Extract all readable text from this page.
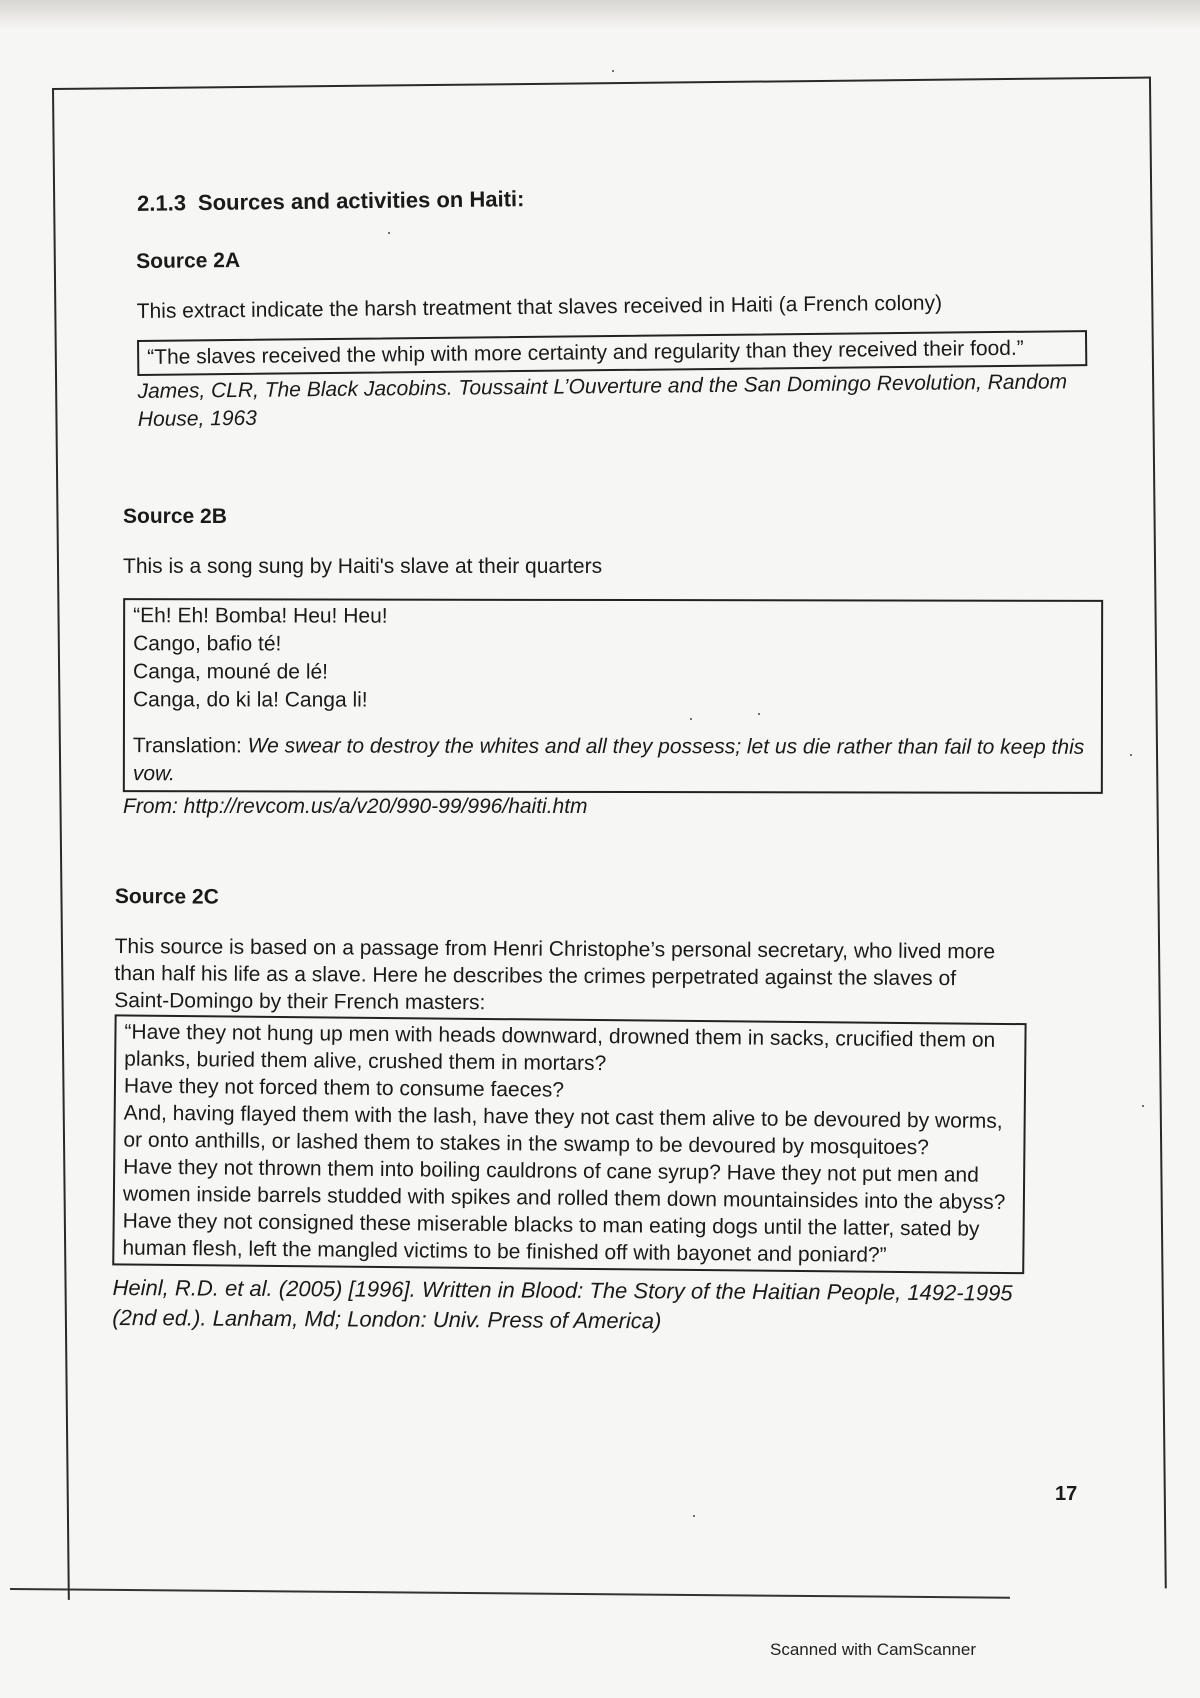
2.1.3 Sources and activities on Haiti:
Source 2A

This extract indicate the harsh treatment that slaves received in Haiti (a French colony)

“The slaves received the whip with more certainty and regularity than they received their food.”

James, CLR, The Black Jacobins. Toussaint L’Ouverture and the San Domingo Revolution, Random House, 1963

Source 2B

This is a song sung by Haiti's slave at their quarters

“Eh! Eh! Bomba! Heu! Heu!
Cango, bafio té!
Canga, mouné de lé!
Canga, do ki la! Canga li!
Translation: We swear to destroy the whites and all they possess; let us die rather than fail to keep this vow.

From: http://revcom.us/a/v20/990-99/996/haiti.htm

Source 2C

This source is based on a passage from Henri Christophe’s personal secretary, who lived more than half his life as a slave. Here he describes the crimes perpetrated against the slaves of Saint-Domingo by their French masters:

“Have they not hung up men with heads downward, drowned them in sacks, crucified them on planks, buried them alive, crushed them in mortars?

Have they not forced them to consume faeces?

And, having flayed them with the lash, have they not cast them alive to be devoured by worms, or onto anthills, or lashed them to stakes in the swamp to be devoured by mosquitoes?

Have they not thrown them into boiling cauldrons of cane syrup? Have they not put men and women inside barrels studded with spikes and rolled them down mountainsides into the abyss?

Have they not consigned these miserable blacks to man eating dogs until the latter, sated by human flesh, left the mangled victims to be finished off with bayonet and poniard?”

Heinl, R.D. et al. (2005) [1996]. Written in Blood: The Story of the Haitian People, 1492-1995 (2nd ed.). Lanham, Md; London: Univ. Press of America)

17
Scanned with CamScanner
